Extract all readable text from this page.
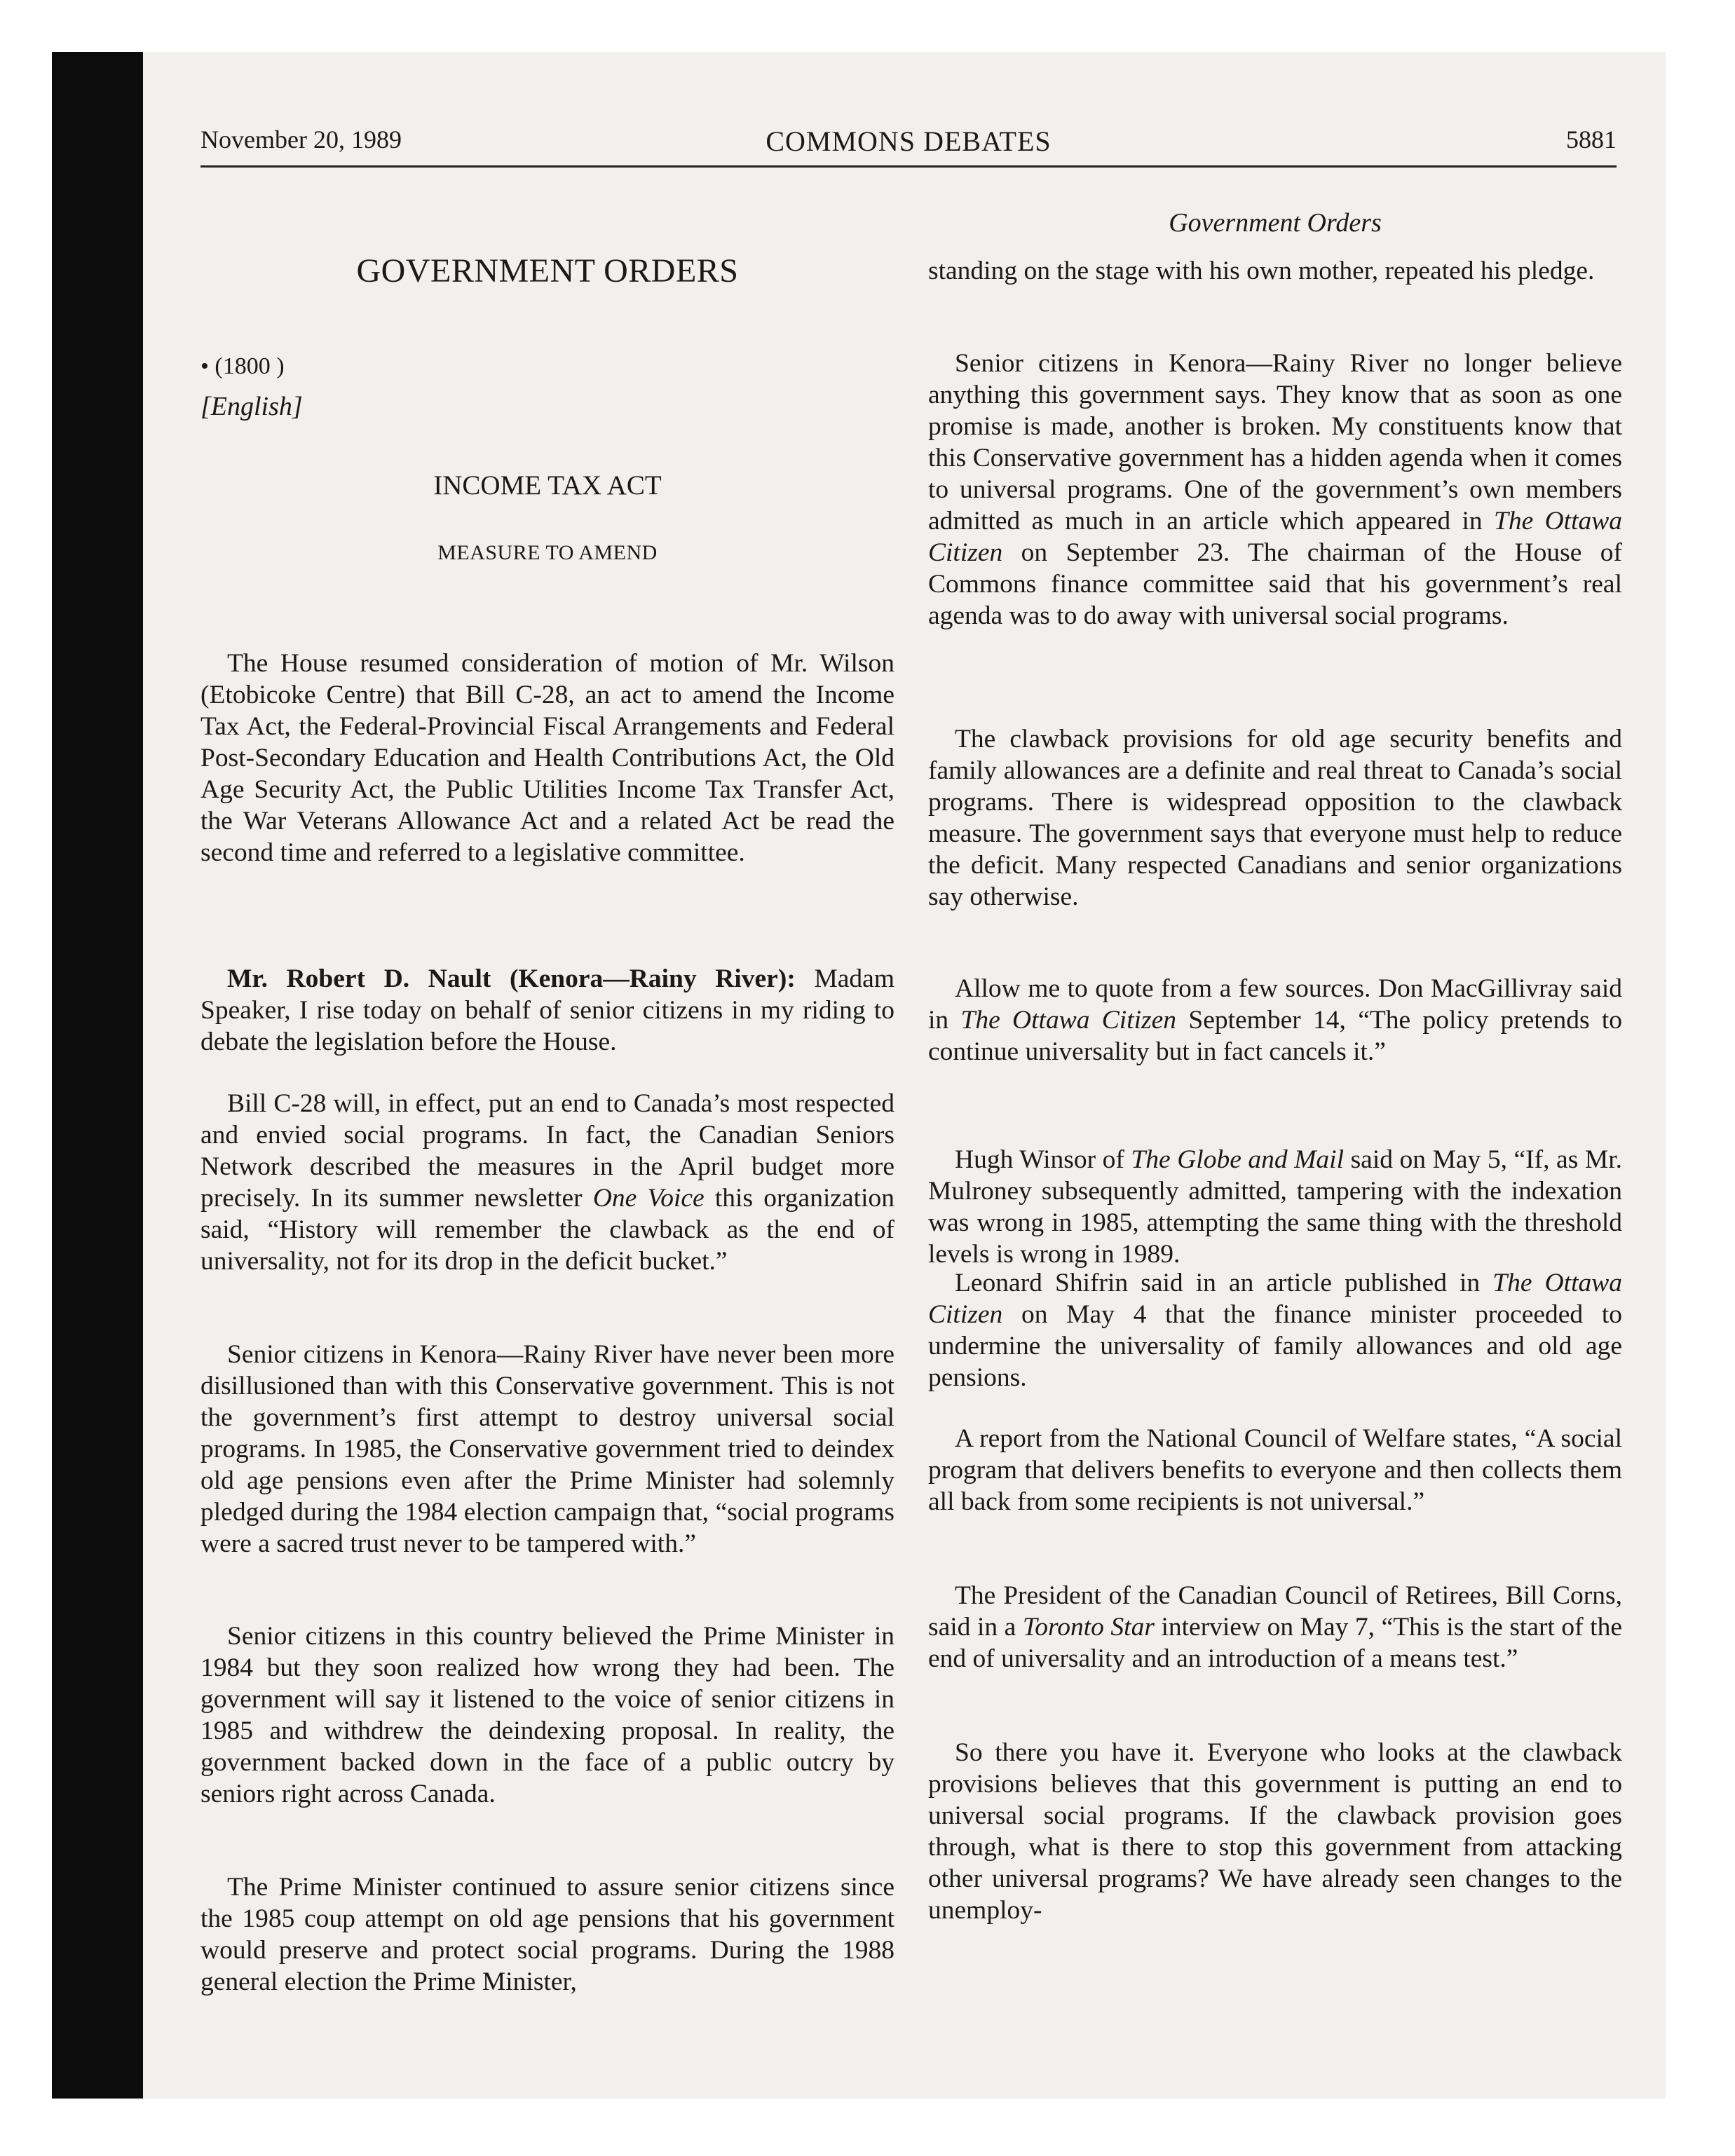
November 20, 1989	COMMONS DEBATES	5881
GOVERNMENT ORDERS
• (1800 )
[English]
INCOME TAX ACT
MEASURE TO AMEND

The House resumed consideration of motion of Mr. Wilson (Etobicoke Centre) that Bill C-28, an act to amend the Income Tax Act, the Federal-Provincial Fiscal Arrangements and Federal Post-Secondary Education and Health Contributions Act, the Old Age Security Act, the Public Utilities Income Tax Transfer Act, the War Veterans Allowance Act and a related Act be read the second time and referred to a legislative committee.

Mr. Robert D. Nault (Kenora—Rainy River): Madam Speaker, I rise today on behalf of senior citizens in my riding to debate the legislation before the House.

Bill C-28 will, in effect, put an end to Canada’s most respected and envied social programs. In fact, the Canadian Seniors Network described the measures in the April budget more precisely. In its summer newsletter One Voice this organization said, “History will remember the clawback as the end of universality, not for its drop in the deficit bucket.”

Senior citizens in Kenora—Rainy River have never been more disillusioned than with this Conservative government. This is not the government’s first attempt to destroy universal social programs. In 1985, the Conservative government tried to deindex old age pensions even after the Prime Minister had solemnly pledged during the 1984 election campaign that, “social programs were a sacred trust never to be tampered with.”

Senior citizens in this country believed the Prime Minister in 1984 but they soon realized how wrong they had been. The government will say it listened to the voice of senior citizens in 1985 and withdrew the deindexing proposal. In reality, the government backed down in the face of a public outcry by seniors right across Canada.

The Prime Minister continued to assure senior citizens since the 1985 coup attempt on old age pensions that his government would preserve and protect social programs. During the 1988 general election the Prime Minister,

Government Orders

standing on the stage with his own mother, repeated his pledge.

Senior citizens in Kenora—Rainy River no longer believe anything this government says. They know that as soon as one promise is made, another is broken. My constituents know that this Conservative government has a hidden agenda when it comes to universal programs. One of the government’s own members admitted as much in an article which appeared in The Ottawa Citizen on September 23. The chairman of the House of Commons finance committee said that his government’s real agenda was to do away with universal social programs.

The clawback provisions for old age security benefits and family allowances are a definite and real threat to Canada’s social programs. There is widespread opposition to the clawback measure. The government says that everyone must help to reduce the deficit. Many respected Canadians and senior organizations say otherwise.

Allow me to quote from a few sources. Don MacGillivray said in The Ottawa Citizen September 14, “The policy pretends to continue universality but in fact cancels it.”

Hugh Winsor of The Globe and Mail said on May 5, “If, as Mr. Mulroney subsequently admitted, tampering with the indexation was wrong in 1985, attempting the same thing with the threshold levels is wrong in 1989.

Leonard Shifrin said in an article published in The Ottawa Citizen on May 4 that the finance minister proceeded to undermine the universality of family allowances and old age pensions.

A report from the National Council of Welfare states, “A social program that delivers benefits to everyone and then collects them all back from some recipients is not universal.”

The President of the Canadian Council of Retirees, Bill Corns, said in a Toronto Star interview on May 7, “This is the start of the end of universality and an introduction of a means test.”

So there you have it. Everyone who looks at the clawback provisions believes that this government is putting an end to universal social programs. If the clawback provision goes through, what is there to stop this government from attacking other universal programs? We have already seen changes to the unemploy-
